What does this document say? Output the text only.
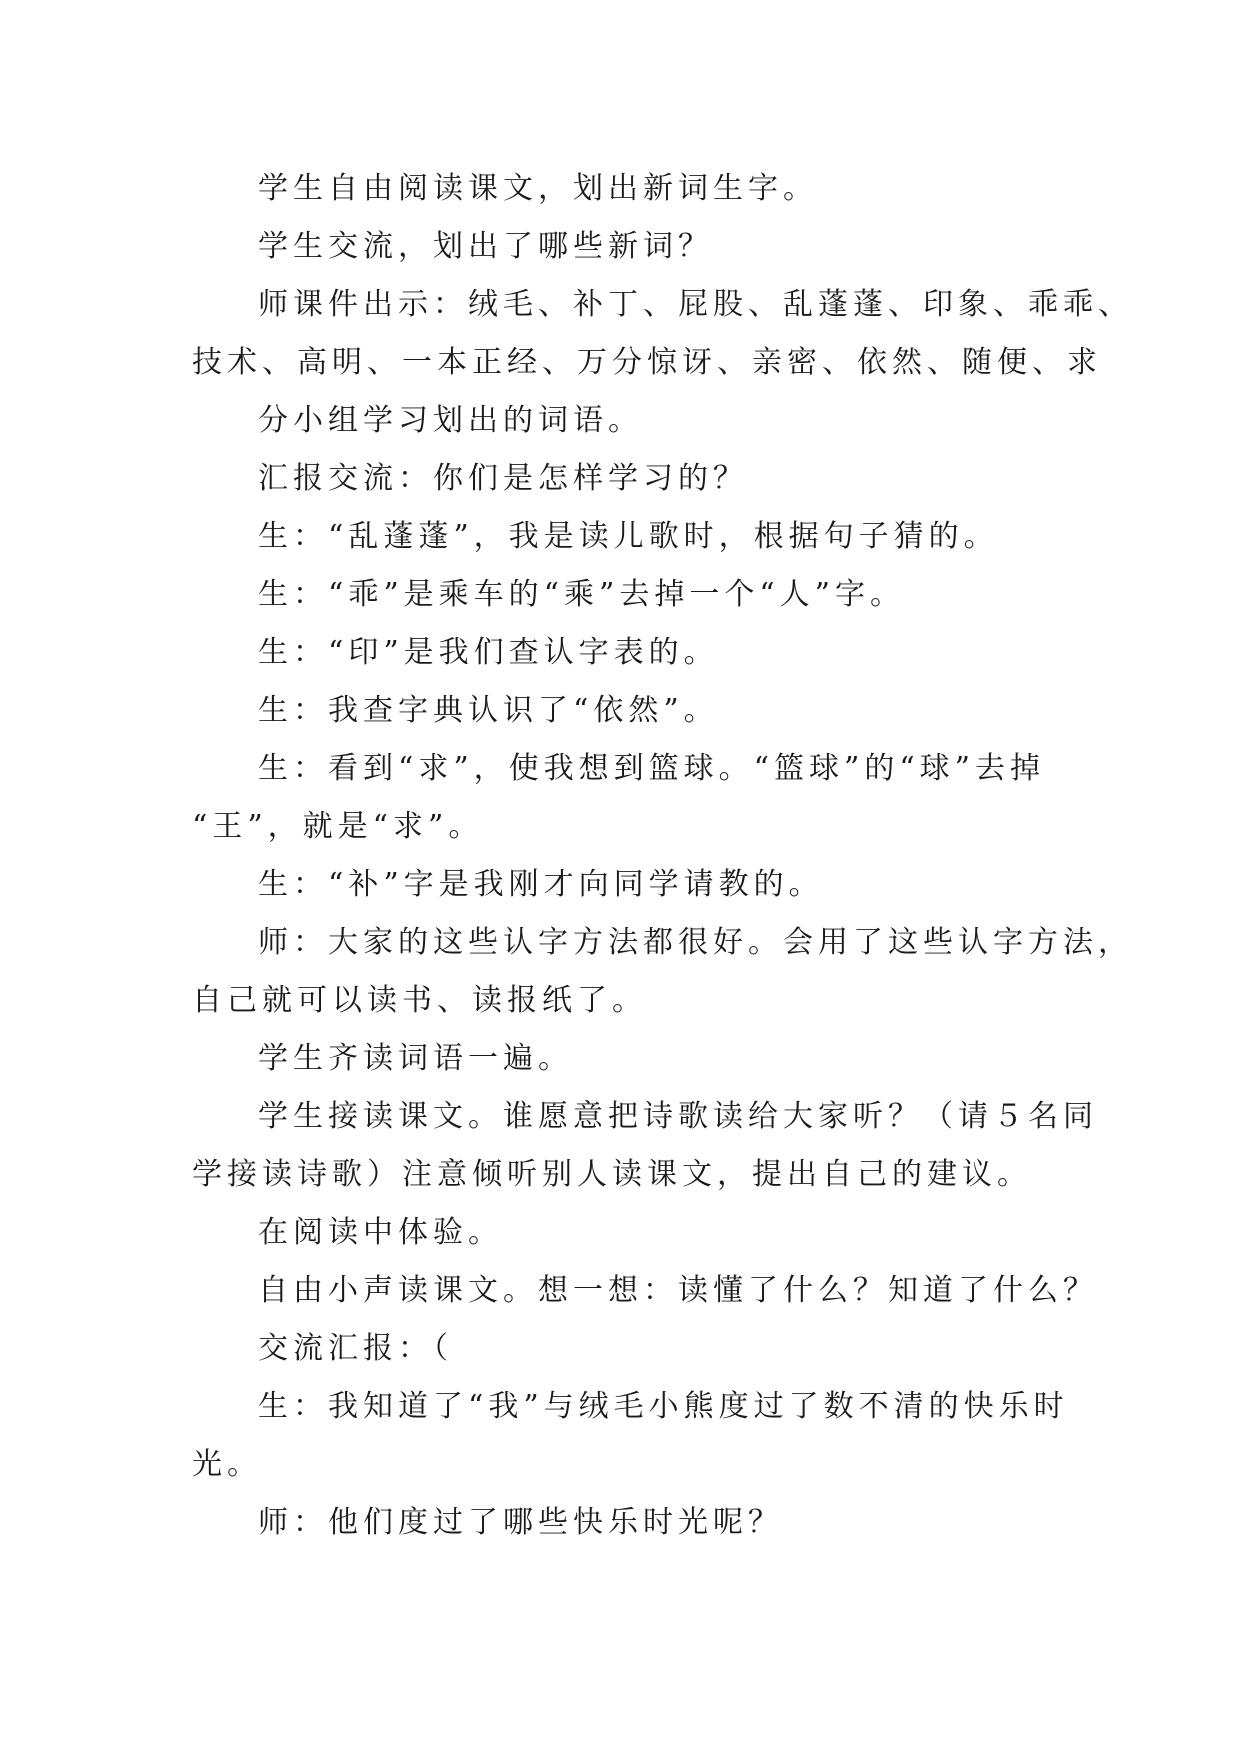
学生自由阅读课文，划出新词生字。

学生交流，划出了哪些新词？

师课件出示：绒毛、补丁、屁股、乱蓬蓬、印象、乖乖、
技术、高明、一本正经、万分惊讶、亲密、依然、随便、求

分小组学习划出的词语。

汇报交流：你们是怎样学习的？

生：“乱蓬蓬”，我是读儿歌时，根据句子猜的。

生：“乖”是乘车的“乘”去掉一个“人”字。

生：“印”是我们查认字表的。

生：我查字典认识了“依然”。

生：看到“求”，使我想到篮球。“篮球”的“球”去掉
“王”，就是“求”。

生：“补”字是我刚才向同学请教的。

师：大家的这些认字方法都很好。会用了这些认字方法，
自己就可以读书、读报纸了。

学生齐读词语一遍。

学生接读课文。谁愿意把诗歌读给大家听？（请５名同
学接读诗歌）注意倾听别人读课文，提出自己的建议。

在阅读中体验。

自由小声读课文。想一想：读懂了什么？知道了什么？

交流汇报：（

生：我知道了“我”与绒毛小熊度过了数不清的快乐时
光。

师：他们度过了哪些快乐时光呢？
